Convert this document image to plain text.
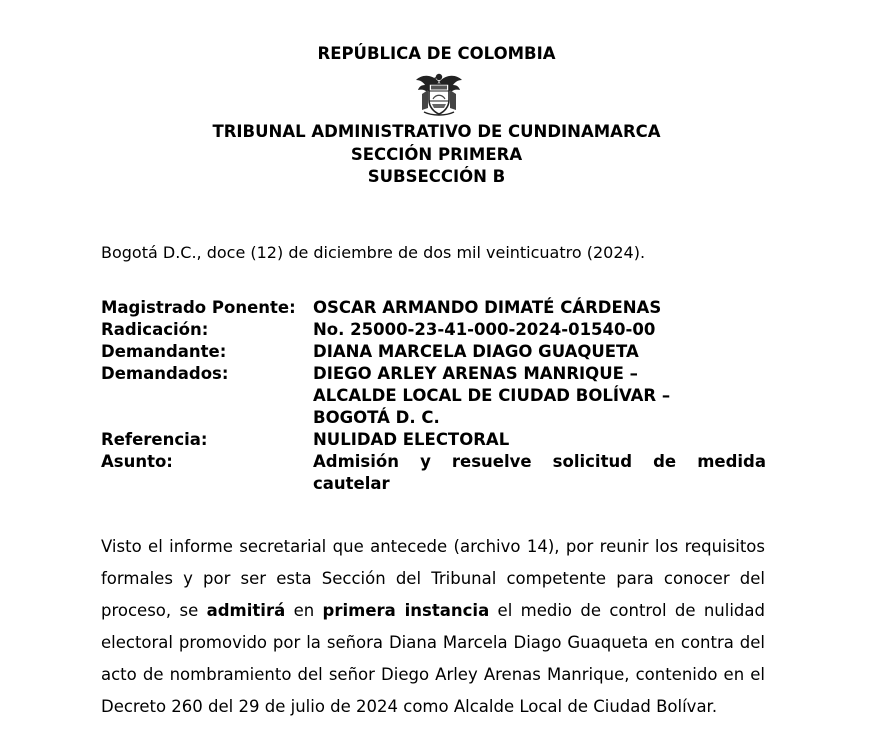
REPÚBLICA DE COLOMBIA
TRIBUNAL ADMINISTRATIVO DE CUNDINAMARCA
SECCIÓN PRIMERA
SUBSECCIÓN B
Bogotá D.C., doce (12) de diciembre de dos mil veinticuatro (2024).
Magistrado Ponente:	OSCAR ARMANDO DIMATÉ CÁRDENAS
Radicación:	No. 25000-23-41-000-2024-01540-00
Demandante:	DIANA MARCELA DIAGO GUAQUETA
Demandados:	DIEGO ARLEY ARENAS MANRIQUE –
ALCALDE LOCAL DE CIUDAD BOLÍVAR –
BOGOTÁ D. C.
Referencia:	NULIDAD ELECTORAL
Asunto:	Admisión y resuelve solicitud de medida cautelar
Visto el informe secretarial que antecede (archivo 14), por reunir los requisitos formales y por ser esta Sección del Tribunal competente para conocer del proceso, se admitirá en primera instancia el medio de control de nulidad electoral promovido por la señora Diana Marcela Diago Guaqueta en contra del acto de nombramiento del señor Diego Arley Arenas Manrique, contenido en el Decreto 260 del 29 de julio de 2024 como Alcalde Local de Ciudad Bolívar.
